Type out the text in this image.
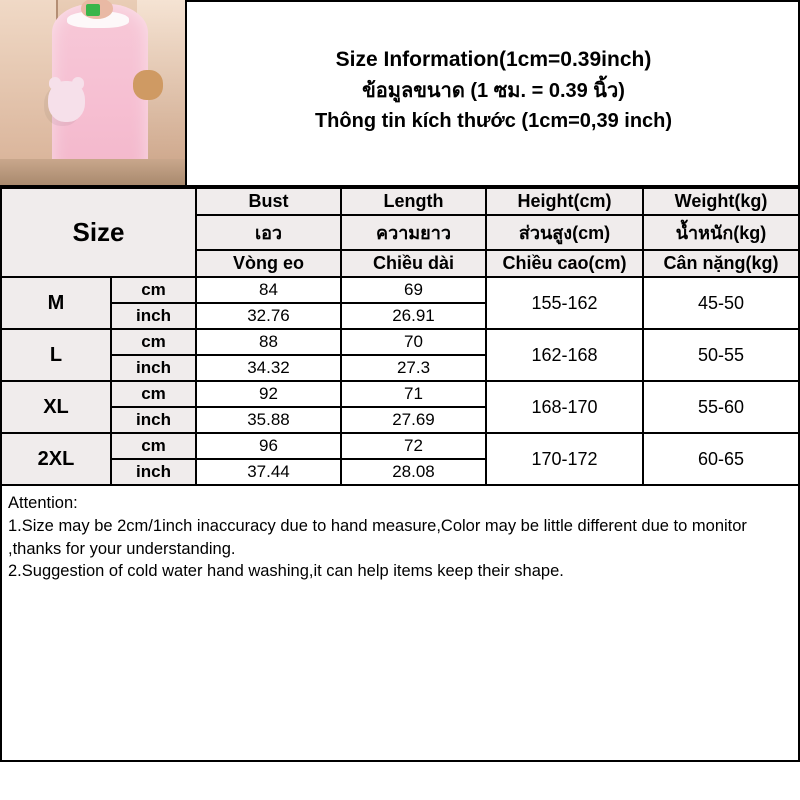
Size Information(1cm=0.39inch)
ข้อมูลขนาด (1 ซม. = 0.39 นิ้ว)
Thông tin kích thước (1cm=0,39 inch)
Size		Bust	Length	Height(cm)	Weight(kg)
		เอว	ความยาว	ส่วนสูง(cm)	น้ำหนัก(kg)
		Vòng eo	Chiều dài	Chiều cao(cm)	Cân nặng(kg)
M	cm	84	69	155-162	45-50
	inch	32.76	26.91		
L	cm	88	70	162-168	50-55
	inch	34.32	27.3		
XL	cm	92	71	168-170	55-60
	inch	35.88	27.69		
2XL	cm	96	72	170-172	60-65
	inch	37.44	28.08		
Attention:
1.Size may be 2cm/1inch inaccuracy due to hand measure,Color may be little different due to monitor ,thanks for your understanding.
2.Suggestion of cold water hand washing,it can help items keep their shape.
